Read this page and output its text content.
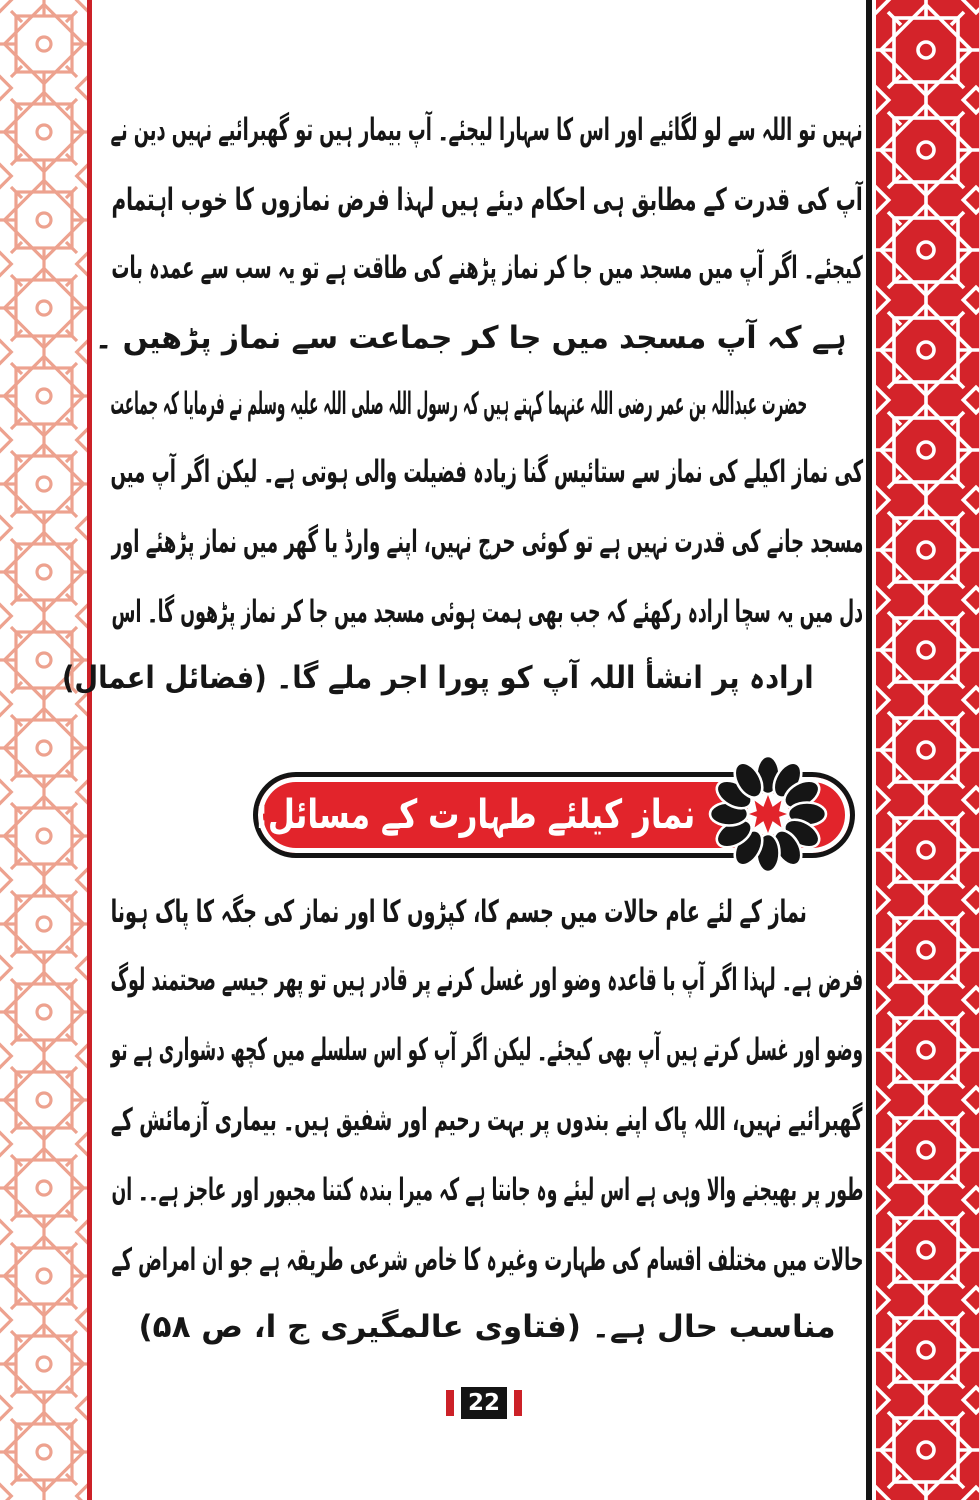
نہیں تو اللہ سے لو لگائیے اور اس کا سہارا لیجئے۔ آپ بیمار ہیں تو گھبرائیے نہیں دین نے
آپ کی قدرت کے مطابق ہی احکام دیئے ہیں لہذا فرض نمازوں کا خوب اہتمام
کیجئے۔ اگر آپ میں مسجد میں جا کر نماز پڑھنے کی طاقت ہے تو یہ سب سے عمدہ بات
ہے کہ آپ مسجد میں جا کر جماعت سے نماز پڑھیں ۔
حضرت عبداللہ بن عمر رضی اللہ عنہما کہتے ہیں کہ رسول اللہ صلی اللہ علیہ وسلم نے فرمایا کہ جماعت
کی نماز اکیلے کی نماز سے ستائیس گنا زیادہ فضیلت والی ہوتی ہے۔ لیکن اگر آپ میں
مسجد جانے کی قدرت نہیں ہے تو کوئی حرج نہیں، اپنے وارڈ یا گھر میں نماز پڑھئے اور
دل میں یہ سچا ارادہ رکھئے کہ جب بھی ہمت ہوئی مسجد میں جا کر نماز پڑھوں گا۔ اس
ارادہ پر انشأ اللہ آپ کو پورا اجر ملے گا۔ (فضائل اعمال)
نماز کیلئے طہارت کے مسائل:
نماز کے لئے عام حالات میں جسم کا، کپڑوں کا اور نماز کی جگہ کا پاک ہونا
فرض ہے۔ لہذا اگر آپ با قاعدہ وضو اور غسل کرنے پر قادر ہیں تو پھر جیسے صحتمند لوگ
وضو اور غسل کرتے ہیں آپ بھی کیجئے۔ لیکن اگر آپ کو اس سلسلے میں کچھ دشواری ہے تو
گھبرائیے نہیں، اللہ پاک اپنے بندوں پر بہت رحیم اور شفیق ہیں۔ بیماری آزمائش کے
طور پر بھیجنے والا وہی ہے اس لیئے وہ جانتا ہے کہ میرا بندہ کتنا مجبور اور عاجز ہے۔۔ ان
حالات میں مختلف اقسام کی طہارت وغیرہ کا خاص شرعی طریقہ ہے جو ان امراض کے
مناسب حال ہے۔ (فتاوی عالمگیری ج ا، ص ۵۸)
22
